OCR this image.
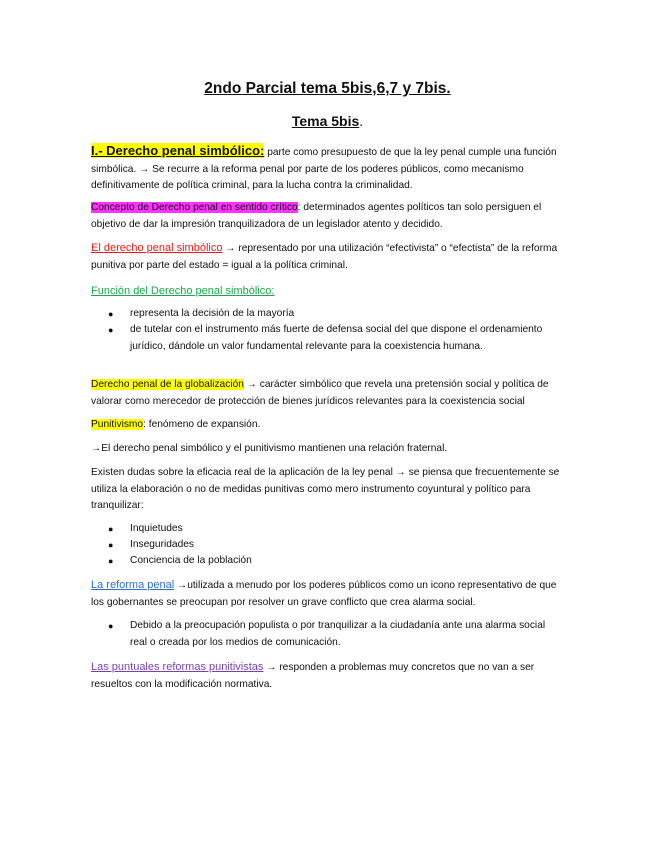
2ndo Parcial tema 5bis,6,7 y 7bis.
Tema 5bis.
I.- Derecho penal simbólico: parte como presupuesto de que la ley penal cumple una función simbólica. → Se recurre a la reforma penal por parte de los poderes públicos, como mecanismo definitivamente de política criminal, para la lucha contra la criminalidad.
Concepto de Derecho penal en sentido crítico: determinados agentes políticos tan solo persiguen el objetivo de dar la impresión tranquilizadora de un legislador atento y decidido.
El derecho penal simbólico → representado por una utilización “efectivista” o “efectista” de la reforma punitiva por parte del estado = igual a la política criminal.
Función del Derecho penal simbólico:
●	representa la decisión de la mayoría
●	de tutelar con el instrumento más fuerte de defensa social del que dispone el ordenamiento jurídico, dándole un valor fundamental relevante para la coexistencia humana.
Derecho penal de la globalización → carácter simbólico que revela una pretensión social y política de valorar como merecedor de protección de bienes jurídicos relevantes para la coexistencia social
Punitivismo: fenómeno de expansión.
→El derecho penal simbólico y el punitivismo mantienen una relación fraternal.
Existen dudas sobre la eficacia real de la aplicación de la ley penal → se piensa que frecuentemente se utiliza la elaboración o no de medidas punitivas como mero instrumento coyuntural y político para tranquilizar:
●	Inquietudes
●	Inseguridades
●	Conciencia de la población
La reforma penal →utilizada a menudo por los poderes públicos como un icono representativo de que los gobernantes se preocupan por resolver un grave conflicto que crea alarma social.
●	Debido a la preocupación populista o por tranquilizar a la ciudadanía ante una alarma social real o creada por los medios de comunicación.
Las puntuales reformas punitivistas → responden a problemas muy concretos que no van a ser resueltos con la modificación normativa.
